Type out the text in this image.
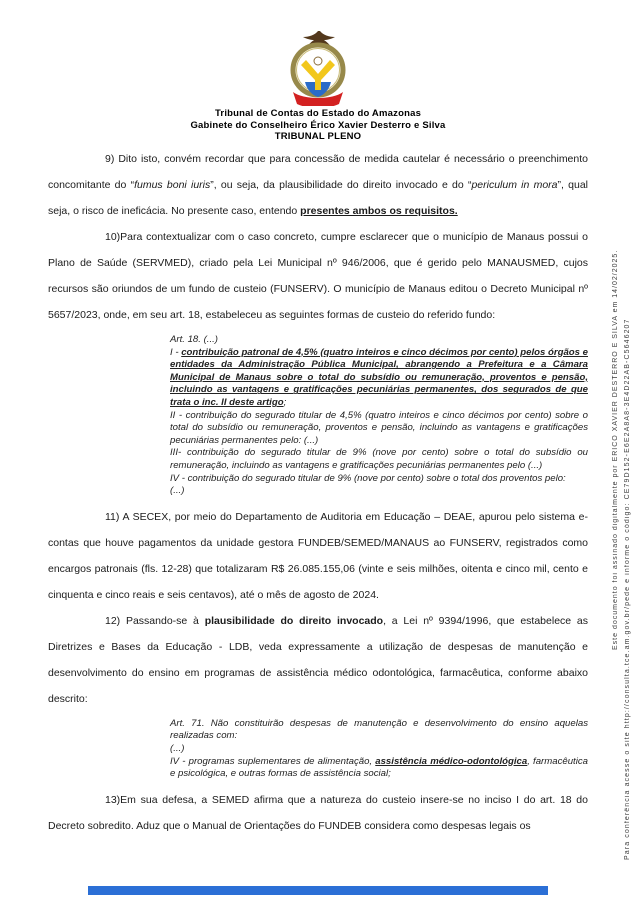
Tribunal de Contas do Estado do Amazonas
Gabinete do Conselheiro Érico Xavier Desterro e Silva
TRIBUNAL PLENO

9) Dito isto, convém recordar que para concessão de medida cautelar é necessário o preenchimento concomitante do “fumus boni iuris”, ou seja, da plausibilidade do direito invocado e do “periculum in mora”, qual seja, o risco de ineficácia. No presente caso, entendo presentes ambos os requisitos.

10)Para contextualizar com o caso concreto, cumpre esclarecer que o município de Manaus possui o Plano de Saúde (SERVMED), criado pela Lei Municipal nº 946/2006, que é gerido pelo MANAUSMED, cujos recursos são oriundos de um fundo de custeio (FUNSERV). O município de Manaus editou o Decreto Municipal nº 5657/2023, onde, em seu art. 18, estabeleceu as seguintes formas de custeio do referido fundo:

Art. 18. (...)

I - contribuição patronal de 4,5% (quatro inteiros e cinco décimos por cento) pelos órgãos e entidades da Administração Pública Municipal, abrangendo a Prefeitura e a Câmara Municipal de Manaus sobre o total do subsídio ou remuneração, proventos e pensão, incluindo as vantagens e gratificações pecuniárias permanentes, dos segurados de que trata o inc. II deste artigo;

II - contribuição do segurado titular de 4,5% (quatro inteiros e cinco décimos por cento) sobre o total do subsídio ou remuneração, proventos e pensão, incluindo as vantagens e gratificações pecuniárias permanentes pelo: (...)

III- contribuição do segurado titular de 9% (nove por cento) sobre o total do subsídio ou remuneração, incluindo as vantagens e gratificações pecuniárias permanentes pelo (...)

IV - contribuição do segurado titular de 9% (nove por cento) sobre o total dos proventos pelo:

(...)

11) A SECEX, por meio do Departamento de Auditoria em Educação – DEAE, apurou pelo sistema e-contas que houve pagamentos da unidade gestora FUNDEB/SEMED/MANAUS ao FUNSERV, registrados como encargos patronais (fls. 12-28) que totalizaram R$ 26.085.155,06 (vinte e seis milhões, oitenta e cinco mil, cento e cinquenta e cinco reais e seis centavos), até o mês de agosto de 2024.

12) Passando-se à plausibilidade do direito invocado, a Lei nº 9394/1996, que estabelece as Diretrizes e Bases da Educação - LDB, veda expressamente a utilização de despesas de manutenção e desenvolvimento do ensino em programas de assistência médico odontológica, farmacêutica, conforme abaixo descrito:

Art. 71. Não constituirão despesas de manutenção e desenvolvimento do ensino aquelas realizadas com:

(...)

IV - programas suplementares de alimentação, assistência médico-odontológica, farmacêutica e psicológica, e outras formas de assistência social;

13)Em sua defesa, a SEMED afirma que a natureza do custeio insere-se no inciso I do art. 18 do Decreto sobredito. Aduz que o Manual de Orientações do FUNDEB considera como despesas legais os

Este documento foi assinado digitalmente por ERICO XAVIER DESTERRO E SILVA em 14/02/2025. Para conferência acesse o site http://consulta.tce.am.gov.br/pede e informe o código: CE79D152-E6E2A8A8-3E4D22AB-C5646207
